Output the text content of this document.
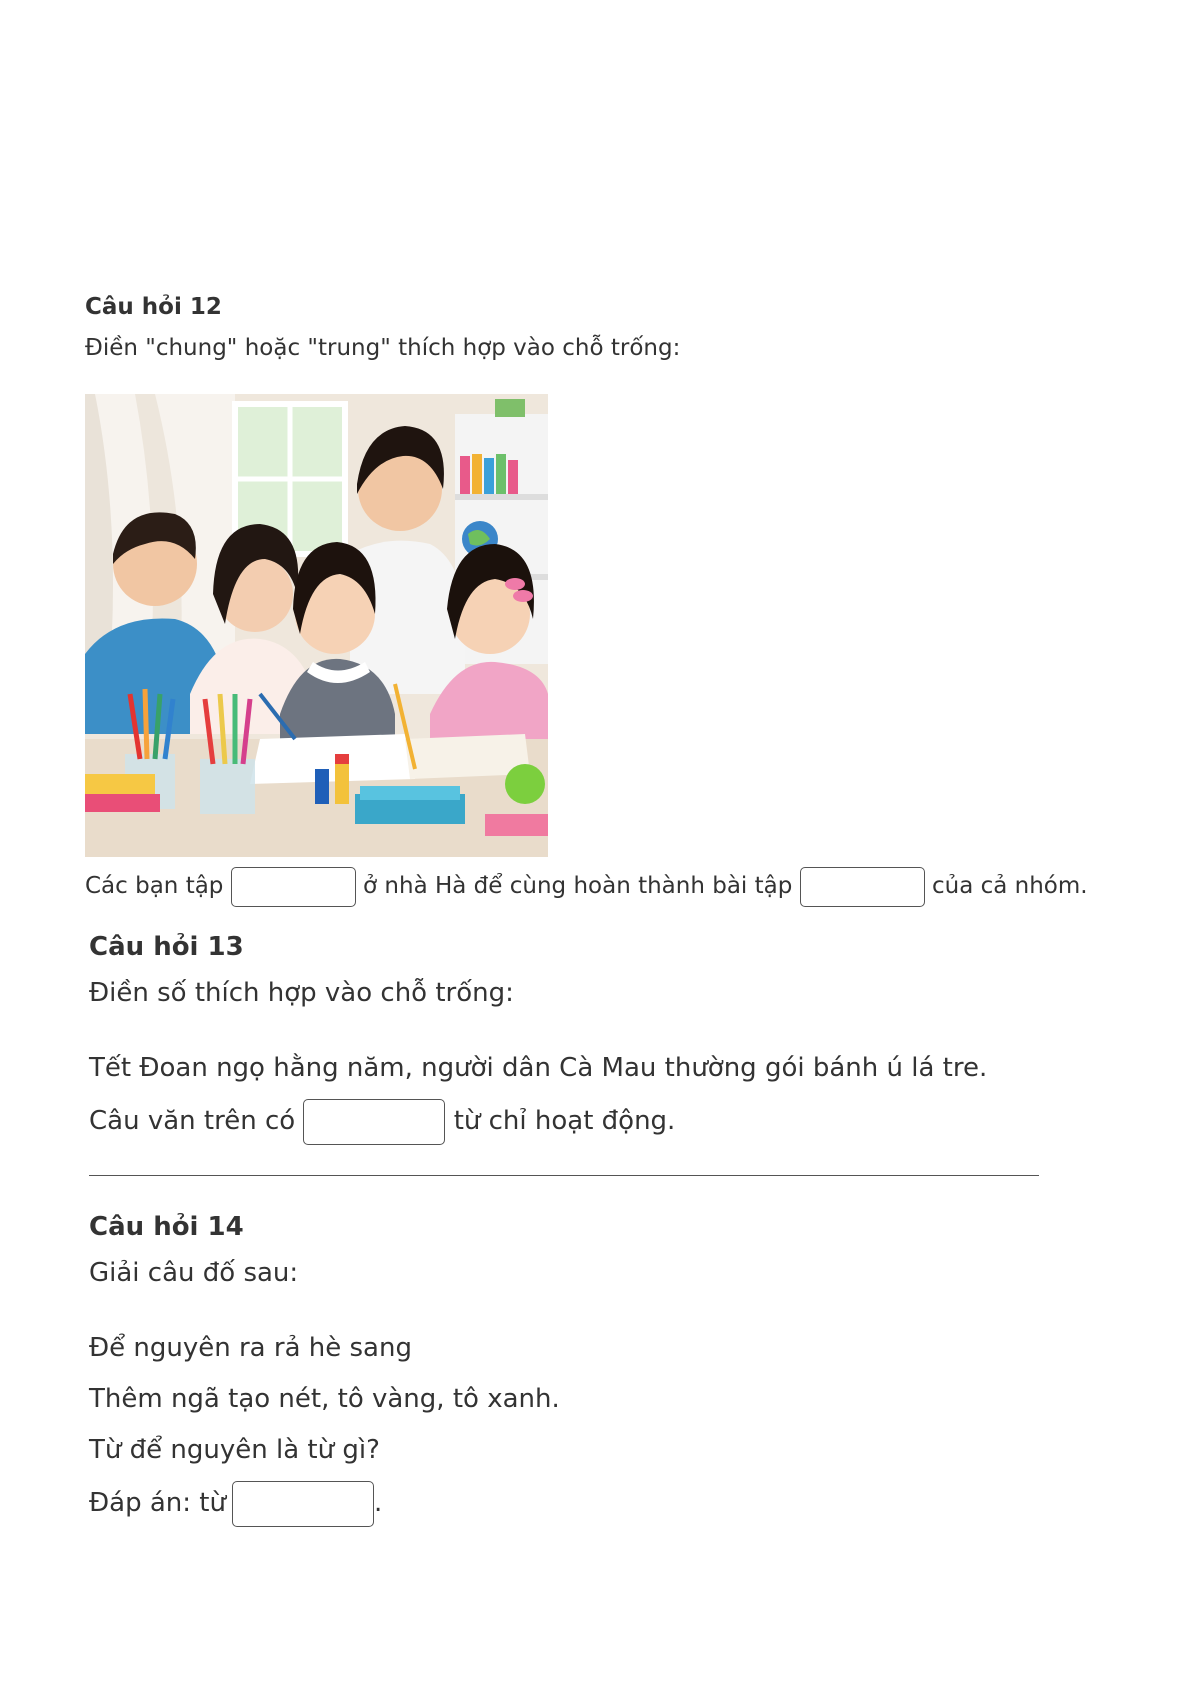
Câu hỏi 12

Điền "chung" hoặc "trung" thích hợp vào chỗ trống:

Các bạn tập	ở nhà Hà để cùng hoàn thành bài tập	của cả nhóm.

Câu hỏi 13

Điền số thích hợp vào chỗ trống:

Tết Đoan ngọ hằng năm, người dân Cà Mau thường gói bánh ú lá tre.

Câu văn trên có	từ chỉ hoạt động.

Câu hỏi 14

Giải câu đố sau:

Để nguyên ra rả hè sang

Thêm ngã tạo nét, tô vàng, tô xanh.

Từ để nguyên là từ gì?

Đáp án: từ	.
